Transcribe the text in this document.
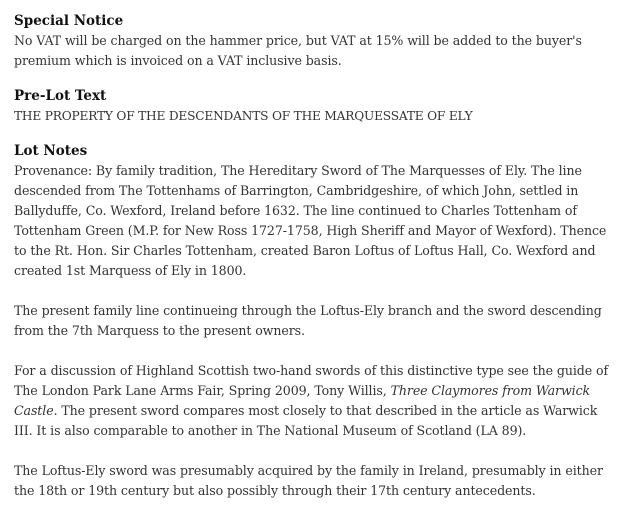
Special Notice

No VAT will be charged on the hammer price, but VAT at 15% will be added to the buyer's premium which is invoiced on a VAT inclusive basis.

Pre-Lot Text

THE PROPERTY OF THE DESCENDANTS OF THE MARQUESSATE OF ELY

Lot Notes

Provenance: By family tradition, The Hereditary Sword of The Marquesses of Ely. The line descended from The Tottenhams of Barrington, Cambridgeshire, of which John, settled in Ballyduffe, Co. Wexford, Ireland before 1632. The line continued to Charles Tottenham of Tottenham Green (M.P. for New Ross 1727-1758, High Sheriff and Mayor of Wexford). Thence to the Rt. Hon. Sir Charles Tottenham, created Baron Loftus of Loftus Hall, Co. Wexford and created 1st Marquess of Ely in 1800.

The present family line continueing through the Loftus-Ely branch and the sword descending from the 7th Marquess to the present owners.

For a discussion of Highland Scottish two-hand swords of this distinctive type see the guide of The London Park Lane Arms Fair, Spring 2009, Tony Willis, Three Claymores from Warwick Castle. The present sword compares most closely to that described in the article as Warwick III. It is also comparable to another in The National Museum of Scotland (LA 89).

The Loftus-Ely sword was presumably acquired by the family in Ireland, presumably in either the 18th or 19th century but also possibly through their 17th century antecedents.
